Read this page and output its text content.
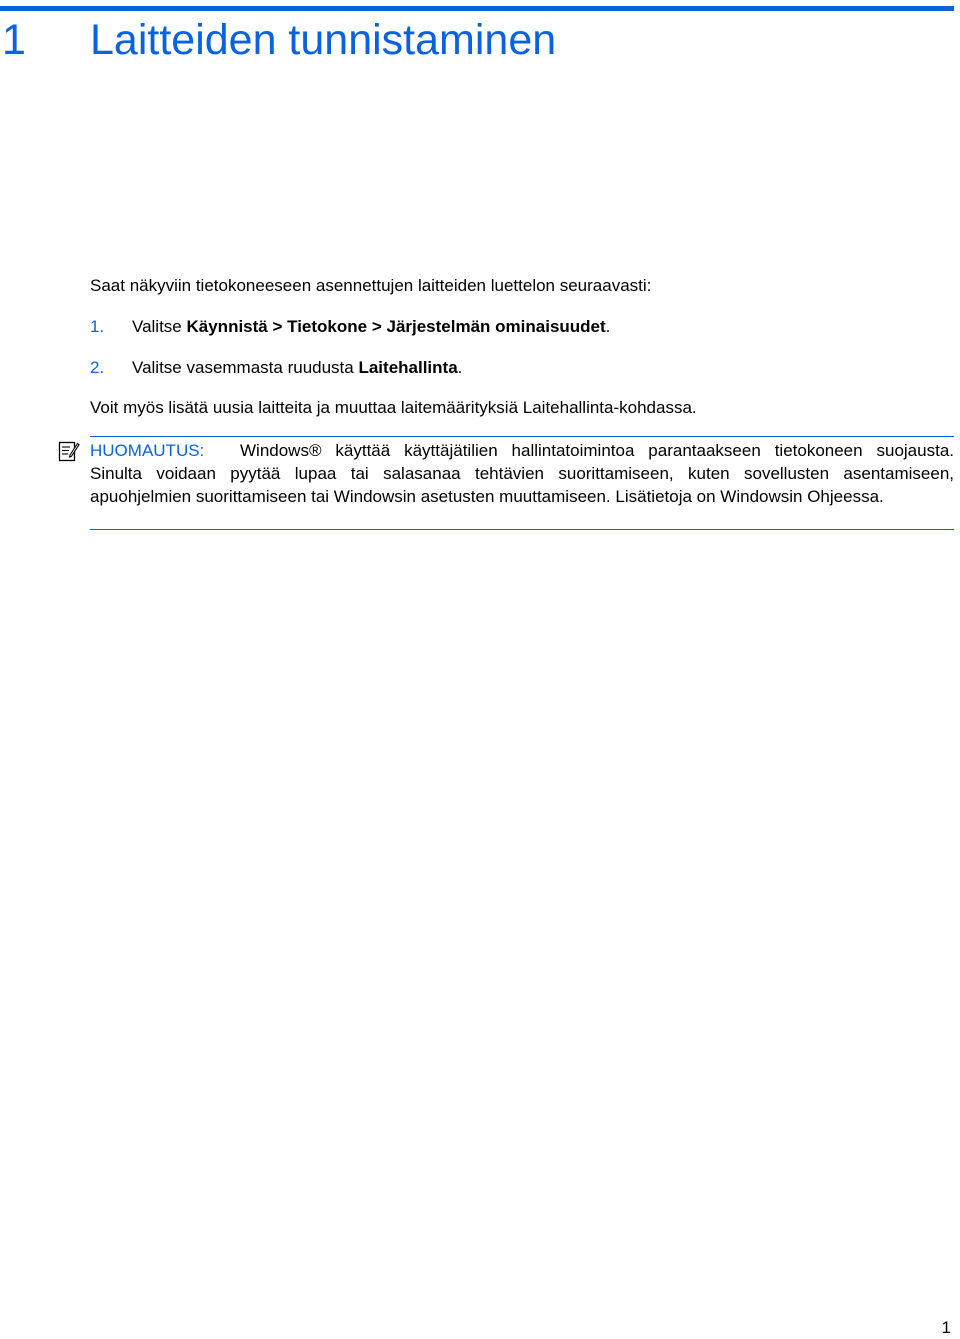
1 Laitteiden tunnistaminen

Saat näkyviin tietokoneeseen asennettujen laitteiden luettelon seuraavasti:

1. Valitse Käynnistä > Tietokone > Järjestelmän ominaisuudet.

2. Valitse vasemmasta ruudusta Laitehallinta.

Voit myös lisätä uusia laitteita ja muuttaa laitemäärityksiä Laitehallinta-kohdassa.

HUOMAUTUS: Windows® käyttää käyttäjätilien hallintatoimintoa parantaakseen tietokoneen suojausta. Sinulta voidaan pyytää lupaa tai salasanaa tehtävien suorittamiseen, kuten sovellusten asentamiseen, apuohjelmien suorittamiseen tai Windowsin asetusten muuttamiseen. Lisätietoja on Windowsin Ohjeessa.

1
